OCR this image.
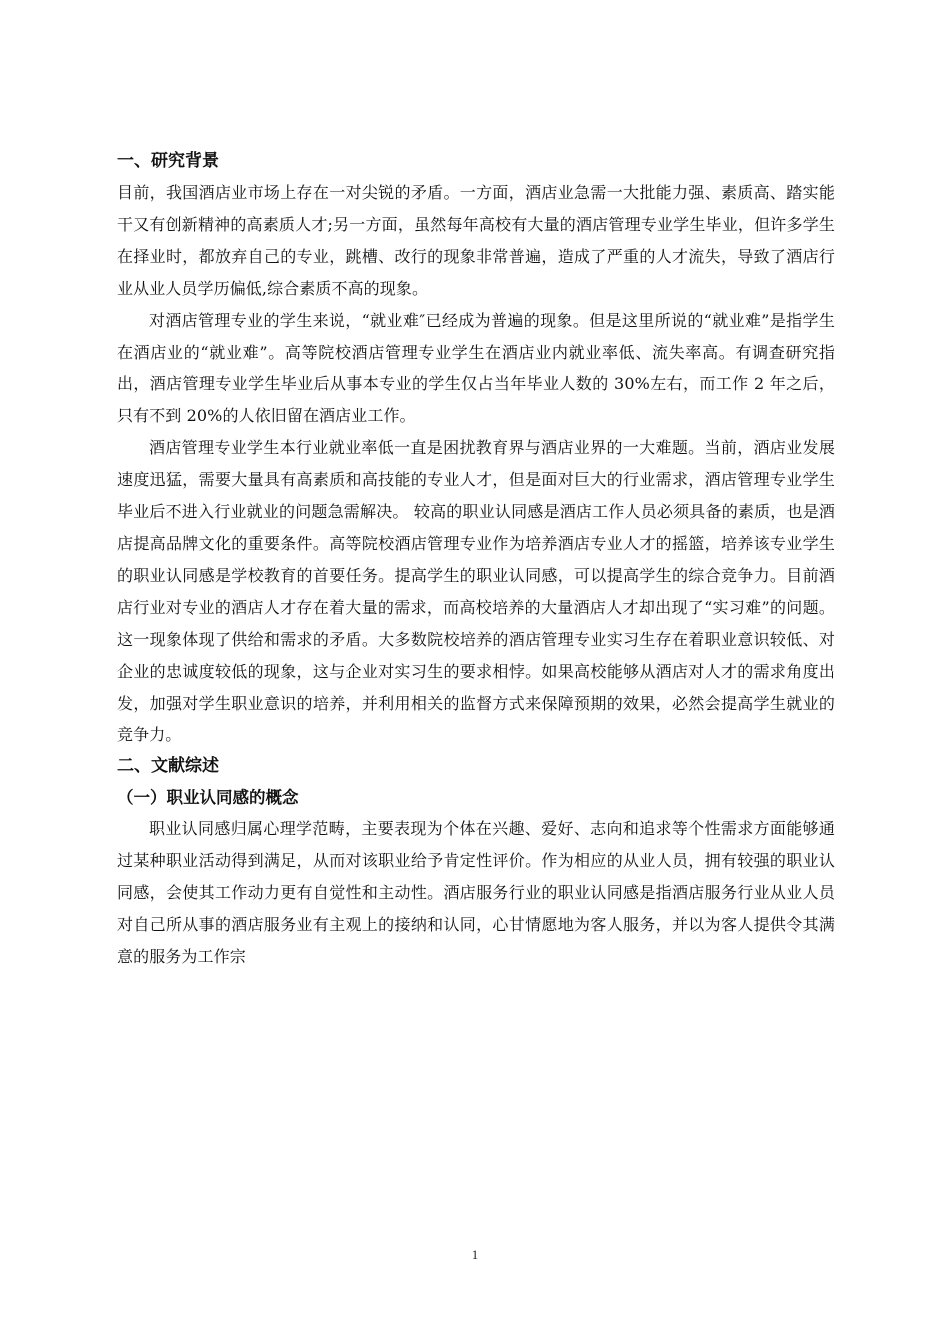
一、研究背景

目前，我国酒店业市场上存在一对尖锐的矛盾。一方面，酒店业急需一大批能力强、素质高、踏实能干又有创新精神的高素质人才;另一方面，虽然每年高校有大量的酒店管理专业学生毕业，但许多学生在择业时，都放弃自己的专业，跳槽、改行的现象非常普遍，造成了严重的人才流失，导致了酒店行业从业人员学历偏低,综合素质不高的现象。

对酒店管理专业的学生来说，“就业难″已经成为普遍的现象。但是这里所说的“就业难”是指学生在酒店业的“就业难”。高等院校酒店管理专业学生在酒店业内就业率低、流失率高。有调查研究指出，酒店管理专业学生毕业后从事本专业的学生仅占当年毕业人数的 30%左右，而工作 2 年之后，只有不到 20%的人依旧留在酒店业工作。

酒店管理专业学生本行业就业率低一直是困扰教育界与酒店业界的一大难题。当前，酒店业发展速度迅猛，需要大量具有高素质和高技能的专业人才，但是面对巨大的行业需求，酒店管理专业学生毕业后不进入行业就业的问题急需解决。 较高的职业认同感是酒店工作人员必须具备的素质，也是酒店提高品牌文化的重要条件。高等院校酒店管理专业作为培养酒店专业人才的摇篮，培养该专业学生的职业认同感是学校教育的首要任务。提高学生的职业认同感，可以提高学生的综合竞争力。目前酒店行业对专业的酒店人才存在着大量的需求，而高校培养的大量酒店人才却出现了“实习难”的问题。这一现象体现了供给和需求的矛盾。大多数院校培养的酒店管理专业实习生存在着职业意识较低、对企业的忠诚度较低的现象，这与企业对实习生的要求相悖。如果高校能够从酒店对人才的需求角度出发，加强对学生职业意识的培养，并利用相关的监督方式来保障预期的效果，必然会提高学生就业的竞争力。

二、文献综述
（一）职业认同感的概念

职业认同感归属心理学范畴，主要表现为个体在兴趣、爱好、志向和追求等个性需求方面能够通过某种职业活动得到满足，从而对该职业给予肯定性评价。作为相应的从业人员，拥有较强的职业认同感，会使其工作动力更有自觉性和主动性。酒店服务行业的职业认同感是指酒店服务行业从业人员对自己所从事的酒店服务业有主观上的接纳和认同，心甘情愿地为客人服务，并以为客人提供令其满意的服务为工作宗

1
